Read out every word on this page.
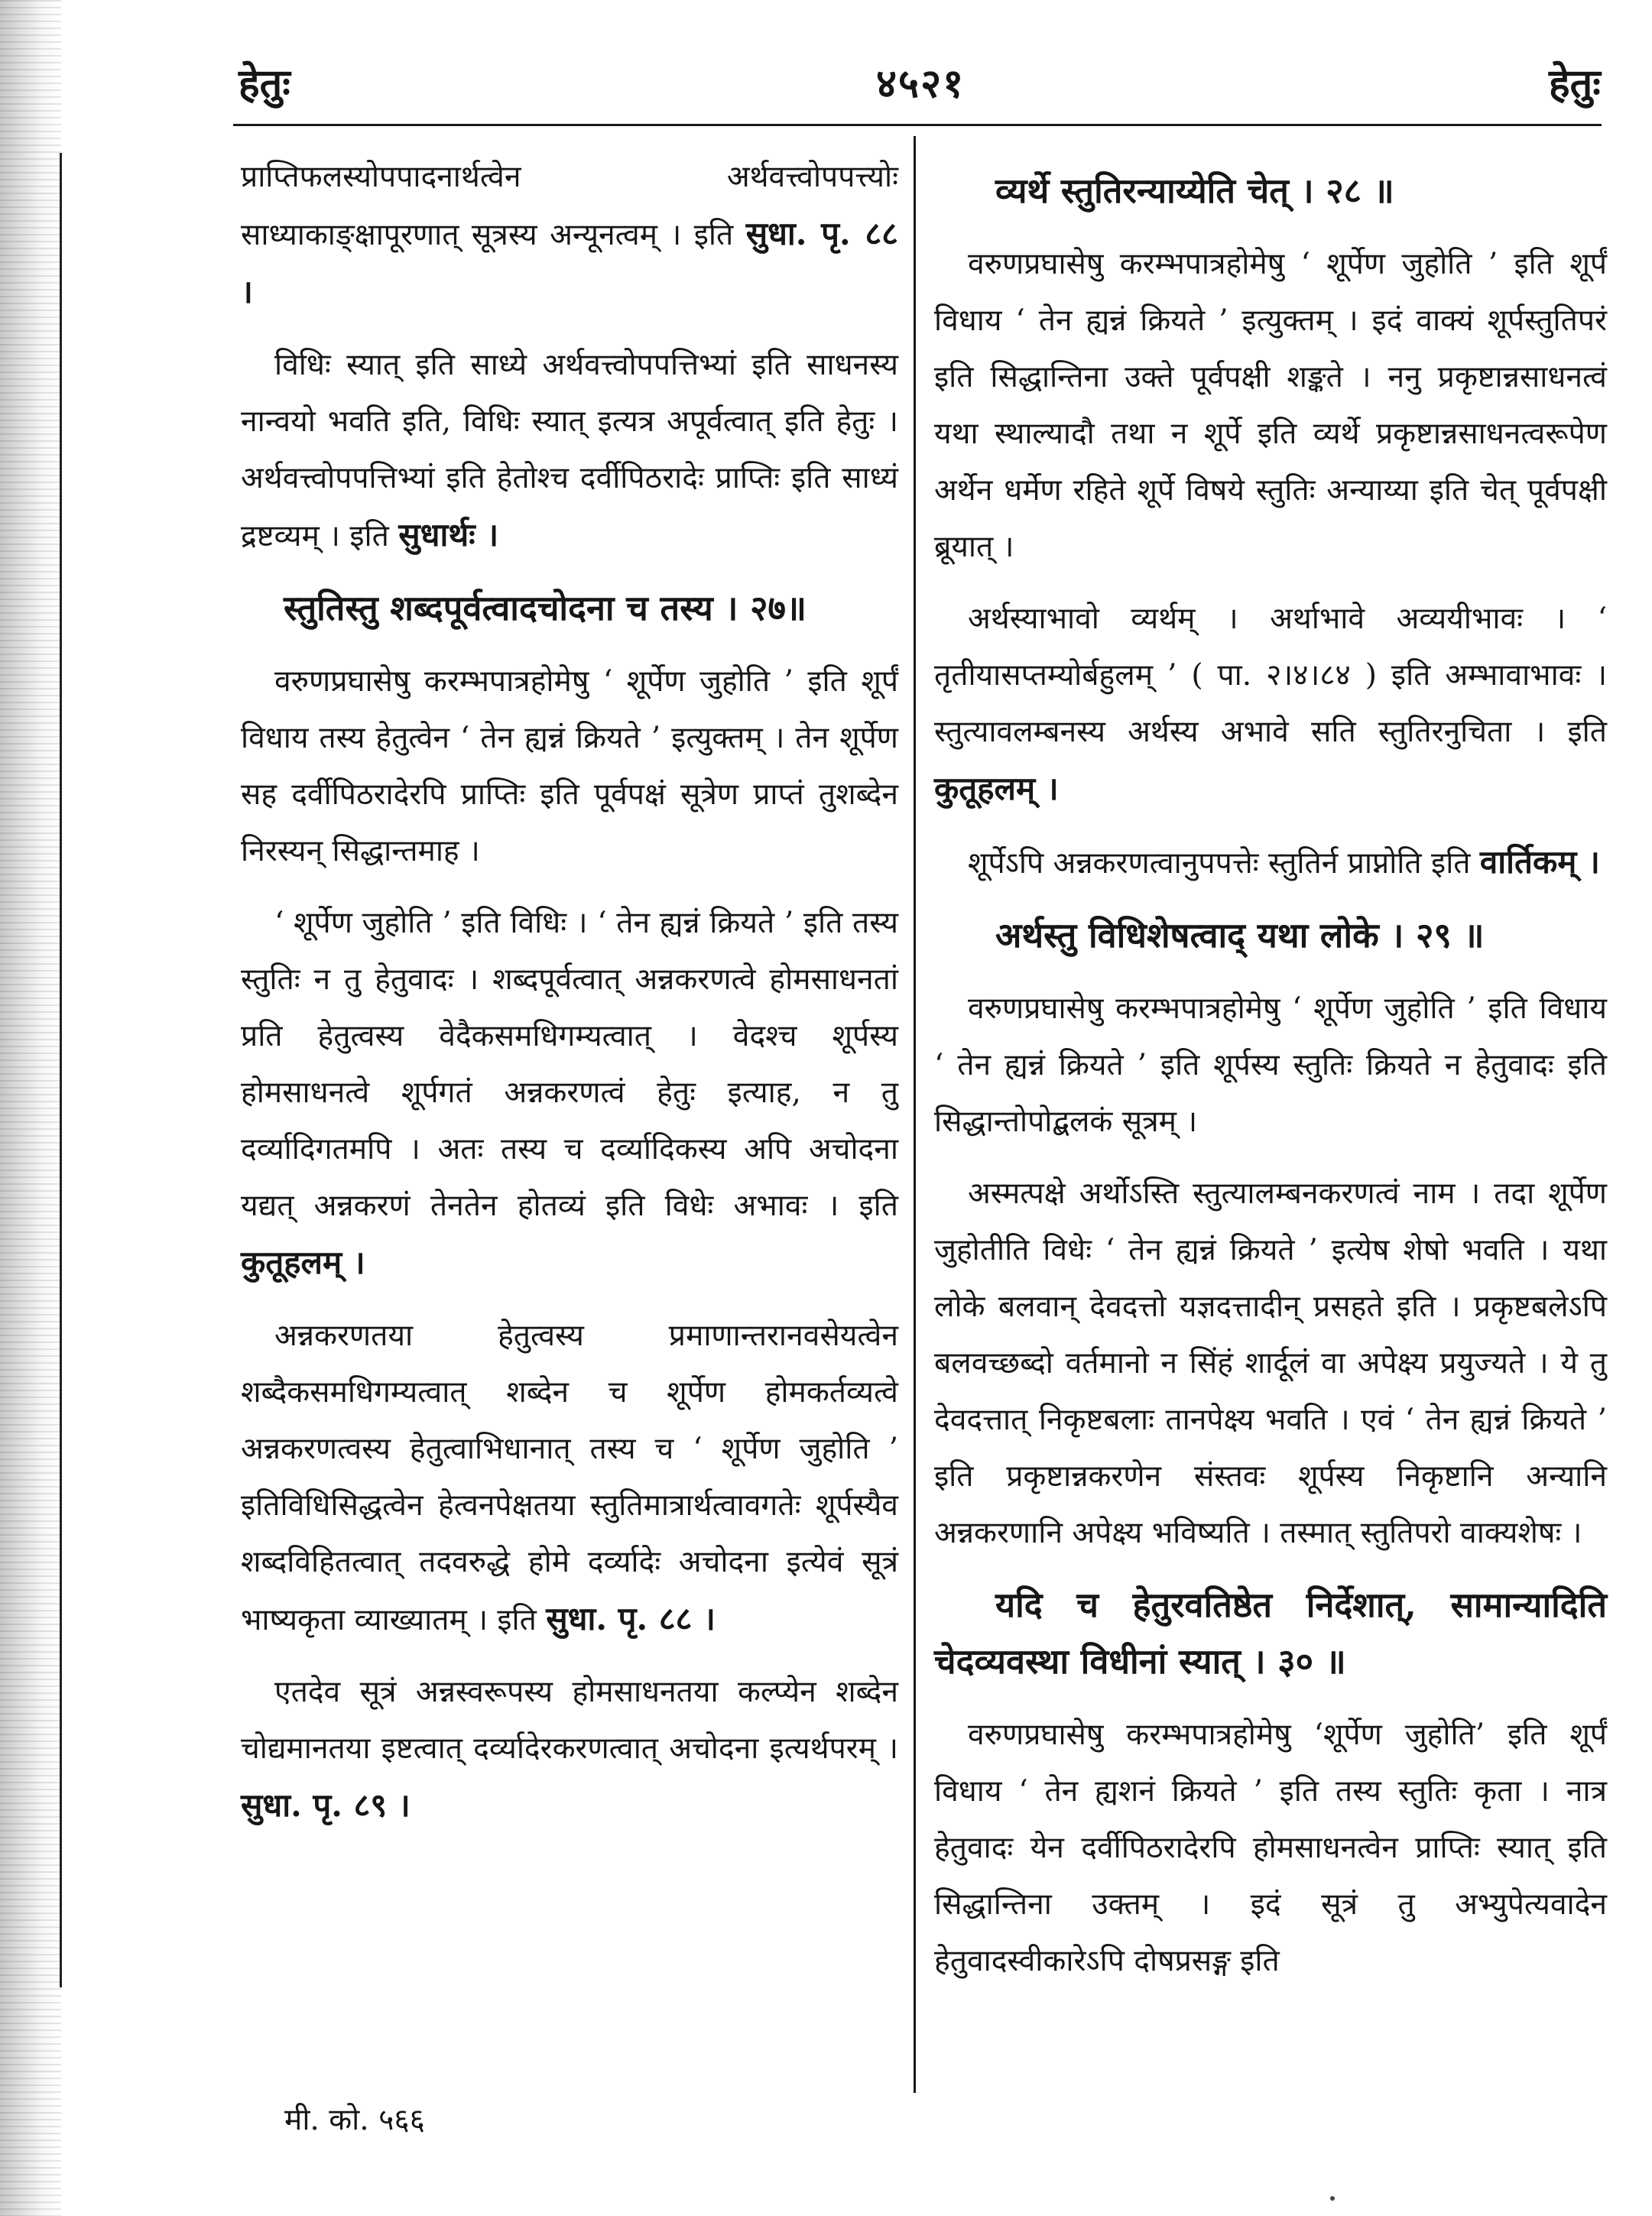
हेतुः	४५२१	हेतुः

प्राप्तिफलस्योपपादनार्थत्वेन अर्थवत्त्वोपपत्त्योः साध्याकाङ्क्षापूरणात् सूत्रस्य अन्यूनत्वम् । इति सुधा. पृ. ८८ ।

विधिः स्यात् इति साध्ये अर्थवत्त्वोपपत्तिभ्यां इति साधनस्य नान्वयो भवति इति, विधिः स्यात् इत्यत्र अपूर्वत्वात् इति हेतुः । अर्थवत्त्वोपपत्तिभ्यां इति हेतोश्च दर्वीपिठरादेः प्राप्तिः इति साध्यं द्रष्टव्यम् । इति सुधार्थः ।

स्तुतिस्तु शब्दपूर्वत्वादचोदना च तस्य । २७॥

वरुणप्रघासेषु करम्भपात्रहोमेषु ‘ शूर्पेण जुहोति ’ इति शूर्पं विधाय तस्य हेतुत्वेन ‘ तेन ह्यन्नं क्रियते ’ इत्युक्तम् । तेन शूर्पेण सह दर्वीपिठरादेरपि प्राप्तिः इति पूर्वपक्षं सूत्रेण प्राप्तं तुशब्देन निरस्यन् सिद्धान्तमाह ।

‘ शूर्पेण जुहोति ’ इति विधिः । ‘ तेन ह्यन्नं क्रियते ’ इति तस्य स्तुतिः न तु हेतुवादः । शब्दपूर्वत्वात् अन्नकरणत्वे होमसाधनतां प्रति हेतुत्वस्य वेदैकसमधिगम्यत्वात् । वेदश्च शूर्पस्य होमसाधनत्वे शूर्पगतं अन्नकरणत्वं हेतुः इत्याह, न तु दर्व्यादिगतमपि । अतः तस्य च दर्व्यादिकस्य अपि अचोदना यद्यत् अन्नकरणं तेनतेन होतव्यं इति विधेः अभावः । इति कुतूहलम् ।

अन्नकरणतया हेतुत्वस्य प्रमाणान्तरानवसेयत्वेन शब्दैकसमधिगम्यत्वात् शब्देन च शूर्पेण होमकर्तव्यत्वे अन्नकरणत्वस्य हेतुत्वाभिधानात् तस्य च ‘ शूर्पेण जुहोति ’ इतिविधिसिद्धत्वेन हेत्वनपेक्षतया स्तुतिमात्रार्थत्वावगतेः शूर्पस्यैव शब्दविहितत्वात् तदवरुद्धे होमे दर्व्यादेः अचोदना इत्येवं सूत्रं भाष्यकृता व्याख्यातम् । इति सुधा. पृ. ८८ ।

एतदेव सूत्रं अन्नस्वरूपस्य होमसाधनतया कल्प्येन शब्देन चोद्यमानतया इष्टत्वात् दर्व्यादेरकरणत्वात् अचोदना इत्यर्थपरम् । सुधा. पृ. ८९ ।

व्यर्थे स्तुतिरन्याय्येति चेत् । २८ ॥

वरुणप्रघासेषु करम्भपात्रहोमेषु ‘ शूर्पेण जुहोति ’ इति शूर्पं विधाय ‘ तेन ह्यन्नं क्रियते ’ इत्युक्तम् । इदं वाक्यं शूर्पस्तुतिपरं इति सिद्धान्तिना उक्ते पूर्वपक्षी शङ्कते । ननु प्रकृष्टान्नसाधनत्वं यथा स्थाल्यादौ तथा न शूर्पे इति व्यर्थे प्रकृष्टान्नसाधनत्वरूपेण अर्थेन धर्मेण रहिते शूर्पे विषये स्तुतिः अन्याय्या इति चेत् पूर्वपक्षी ब्रूयात् ।

अर्थस्याभावो व्यर्थम् । अर्थाभावे अव्ययीभावः । ‘ तृतीयासप्तम्योर्बहुलम् ’ ( पा. २।४।८४ ) इति अम्भावाभावः । स्तुत्यावलम्बनस्य अर्थस्य अभावे सति स्तुतिरनुचिता । इति कुतूहलम् ।

शूर्पेऽपि अन्नकरणत्वानुपपत्तेः स्तुतिर्न प्राप्नोति इति वार्तिकम् ।

अर्थस्तु विधिशेषत्वाद् यथा लोके । २९ ॥

वरुणप्रघासेषु करम्भपात्रहोमेषु ‘ शूर्पेण जुहोति ’ इति विधाय ‘ तेन ह्यन्नं क्रियते ’ इति शूर्पस्य स्तुतिः क्रियते न हेतुवादः इति सिद्धान्तोपोद्बलकं सूत्रम् ।

अस्मत्पक्षे अर्थोऽस्ति स्तुत्यालम्बनकरणत्वं नाम । तदा शूर्पेण जुहोतीति विधेः ‘ तेन ह्यन्नं क्रियते ’ इत्येष शेषो भवति । यथा लोके बलवान् देवदत्तो यज्ञदत्तादीन् प्रसहते इति । प्रकृष्टबलेऽपि बलवच्छब्दो वर्तमानो न सिंहं शार्दूलं वा अपेक्ष्य प्रयुज्यते । ये तु देवदत्तात् निकृष्टबलाः तानपेक्ष्य भवति । एवं ‘ तेन ह्यन्नं क्रियते ’ इति प्रकृष्टान्नकरणेन संस्तवः शूर्पस्य निकृष्टानि अन्यानि अन्नकरणानि अपेक्ष्य भविष्यति । तस्मात् स्तुतिपरो वाक्यशेषः ।

यदि च हेतुरवतिष्ठेत निर्देशात्, सामान्यादिति चेदव्यवस्था विधीनां स्यात् । ३० ॥

वरुणप्रघासेषु करम्भपात्रहोमेषु ‘शूर्पेण जुहोति’ इति शूर्पं विधाय ‘ तेन ह्यशनं क्रियते ’ इति तस्य स्तुतिः कृता । नात्र हेतुवादः येन दर्वीपिठरादेरपि होमसाधनत्वेन प्राप्तिः स्यात् इति सिद्धान्तिना उक्तम् । इदं सूत्रं तु अभ्युपेत्यवादेन हेतुवादस्वीकारेऽपि दोषप्रसङ्ग इति

मी. को. ५६६
